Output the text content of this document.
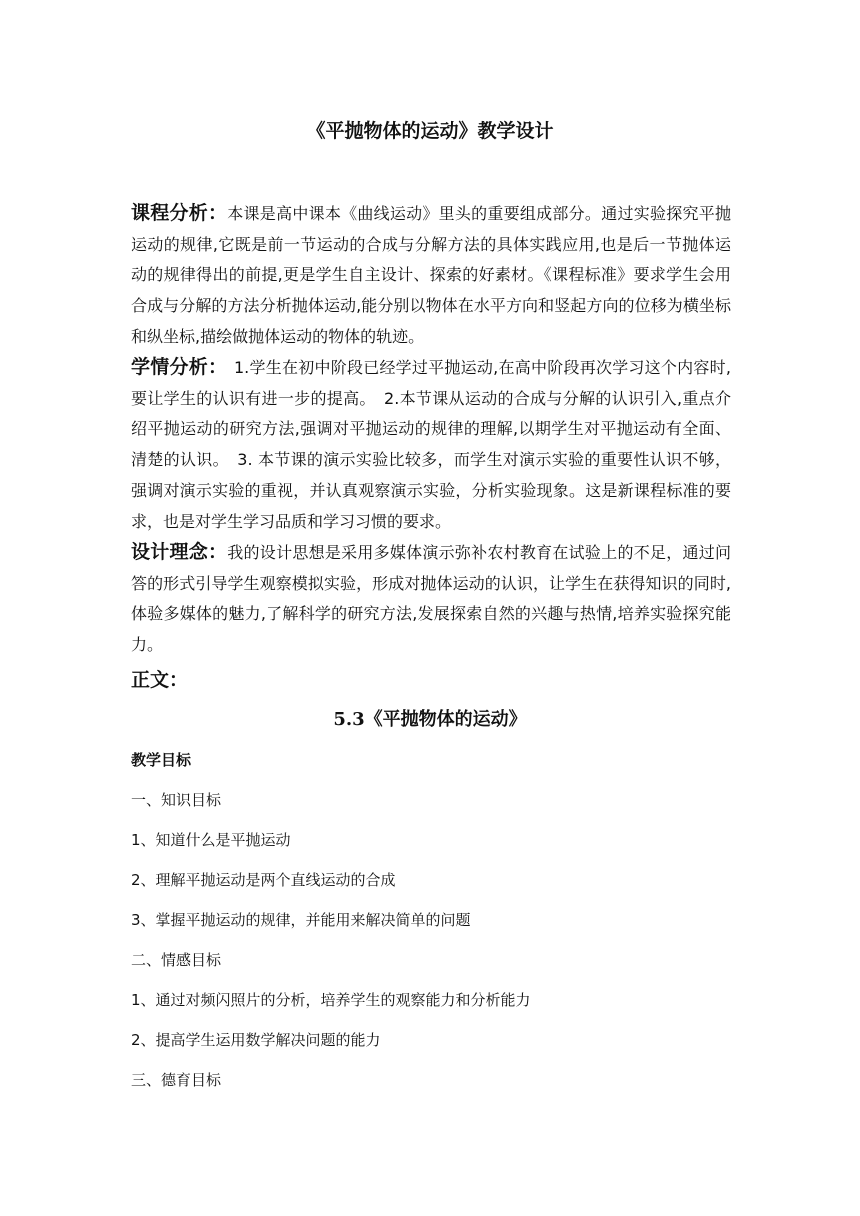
《平抛物体的运动》教学设计
课程分析：本课是高中课本《曲线运动》里头的重要组成部分。通过实验探究平抛运动的规律,它既是前一节运动的合成与分解方法的具体实践应用,也是后一节抛体运动的规律得出的前提,更是学生自主设计、探索的好素材。《课程标准》要求学生会用合成与分解的方法分析抛体运动,能分别以物体在水平方向和竖起方向的位移为横坐标和纵坐标,描绘做抛体运动的物体的轨迹。
学情分析：　1.学生在初中阶段已经学过平抛运动,在高中阶段再次学习这个内容时,要让学生的认识有进一步的提高。　2.本节课从运动的合成与分解的认识引入,重点介绍平抛运动的研究方法,强调对平抛运动的规律的理解,以期学生对平抛运动有全面、清楚的认识。　3. 本节课的演示实验比较多，而学生对演示实验的重要性认识不够，强调对演示实验的重视，并认真观察演示实验，分析实验现象。这是新课程标准的要求，也是对学生学习品质和学习习惯的要求。
设计理念：我的设计思想是采用多媒体演示弥补农村教育在试验上的不足，通过问答的形式引导学生观察模拟实验，形成对抛体运动的认识，让学生在获得知识的同时,体验多媒体的魅力,了解科学的研究方法,发展探索自然的兴趣与热情,培养实验探究能力。
正文：
5.3《平抛物体的运动》
教学目标
一、知识目标
1、知道什么是平抛运动
2、理解平抛运动是两个直线运动的合成
3、掌握平抛运动的规律，并能用来解决简单的问题
二、情感目标
1、通过对频闪照片的分析，培养学生的观察能力和分析能力
2、提高学生运用数学解决问题的能力
三、德育目标
